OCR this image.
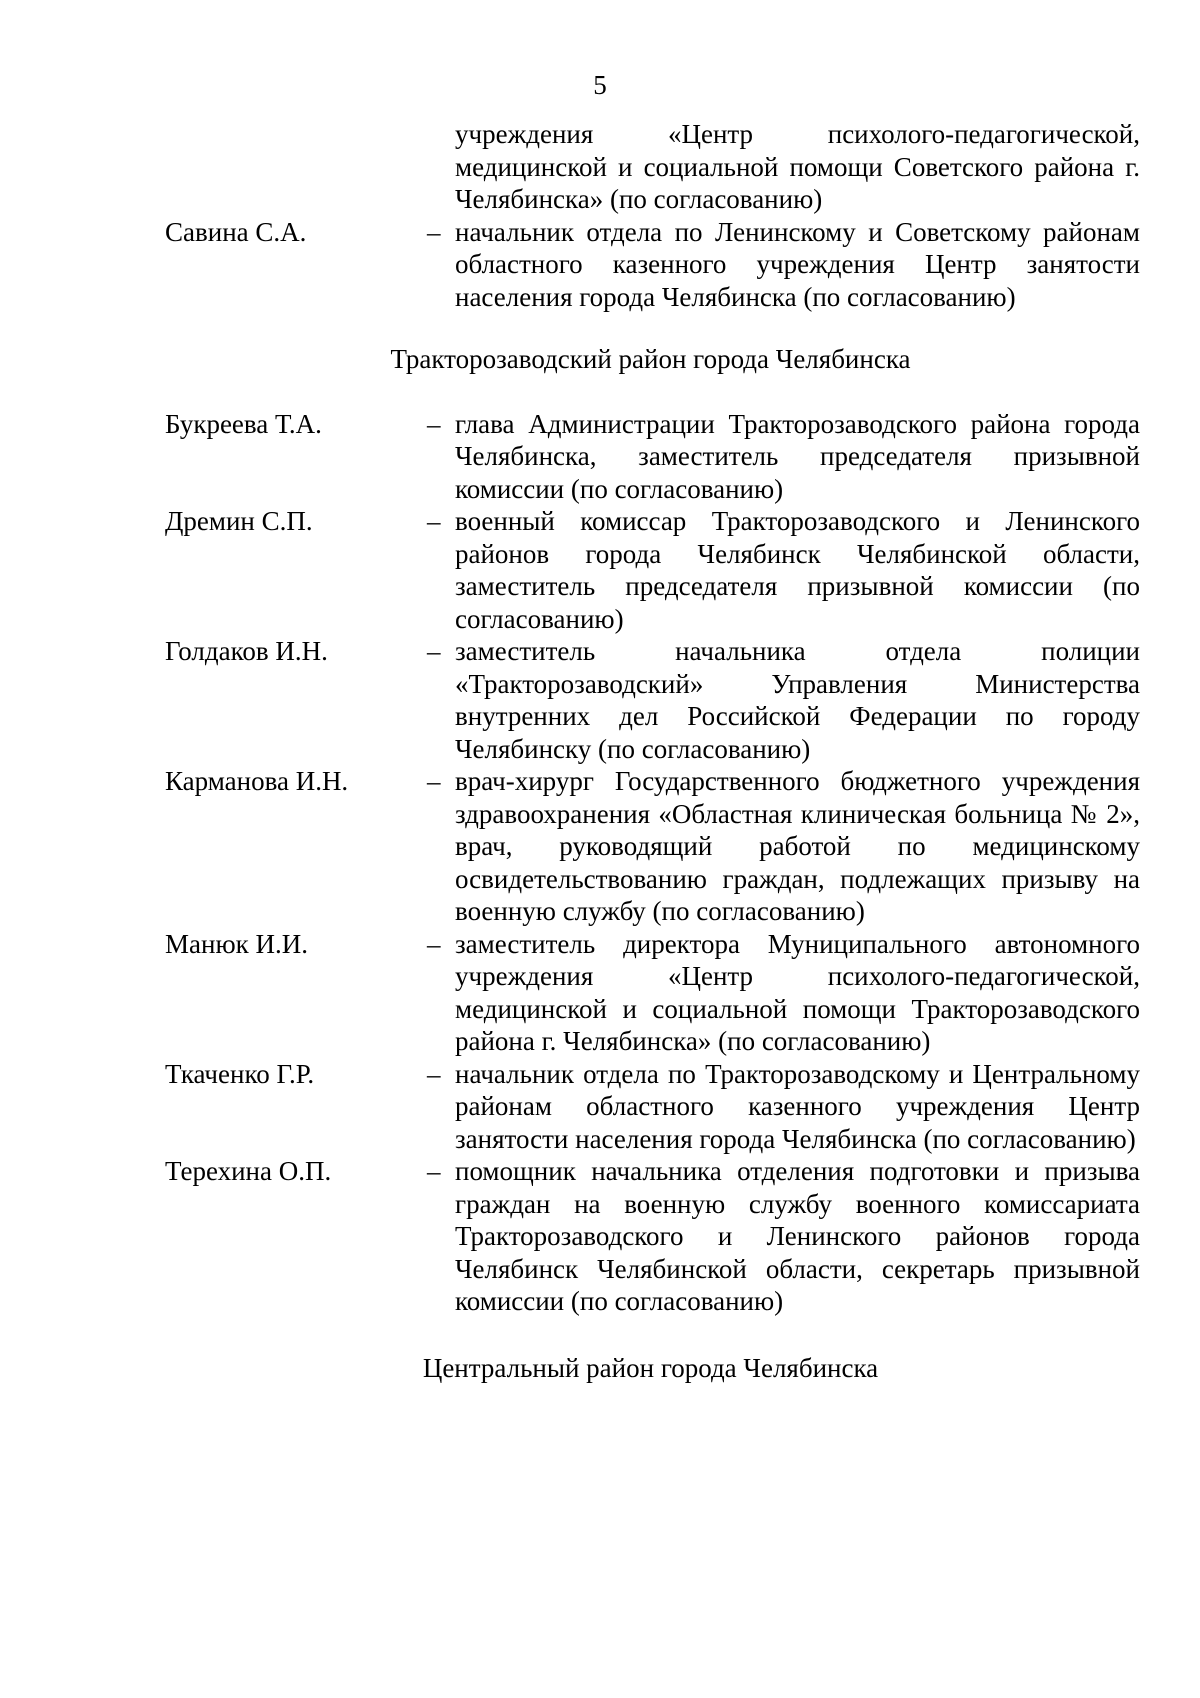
5
учреждения «Центр психолого-педагогической, медицинской и социальной помощи Советского района г. Челябинска» (по согласованию)
Савина С.А.	– начальник отдела по Ленинскому и Советскому районам областного казенного учреждения Центр занятости населения города Челябинска (по согласованию)
Тракторозаводский район города Челябинска
Букреева Т.А.	– глава Администрации Тракторозаводского района города Челябинска, заместитель председателя призывной комиссии (по согласованию)
Дремин С.П.	– военный комиссар Тракторозаводского и Ленинского районов города Челябинск Челябинской области, заместитель председателя призывной комиссии (по согласованию)
Голдаков И.Н.	– заместитель начальника отдела полиции «Тракторозаводский» Управления Министерства внутренних дел Российской Федерации по городу Челябинску (по согласованию)
Карманова И.Н.	– врач-хирург Государственного бюджетного учреждения здравоохранения «Областная клиническая больница № 2», врач, руководящий работой по медицинскому освидетельствованию граждан, подлежащих призыву на военную службу (по согласованию)
Манюк И.И.	– заместитель директора Муниципального автономного учреждения «Центр психолого-педагогической, медицинской и социальной помощи Тракторозаводского района г. Челябинска» (по согласованию)
Ткаченко Г.Р.	– начальник отдела по Тракторозаводскому и Центральному районам областного казенного учреждения Центр занятости населения города Челябинска (по согласованию)
Терехина О.П.	– помощник начальника отделения подготовки и призыва граждан на военную службу военного комиссариата Тракторозаводского и Ленинского районов города Челябинск Челябинской области, секретарь призывной комиссии (по согласованию)
Центральный район города Челябинска
